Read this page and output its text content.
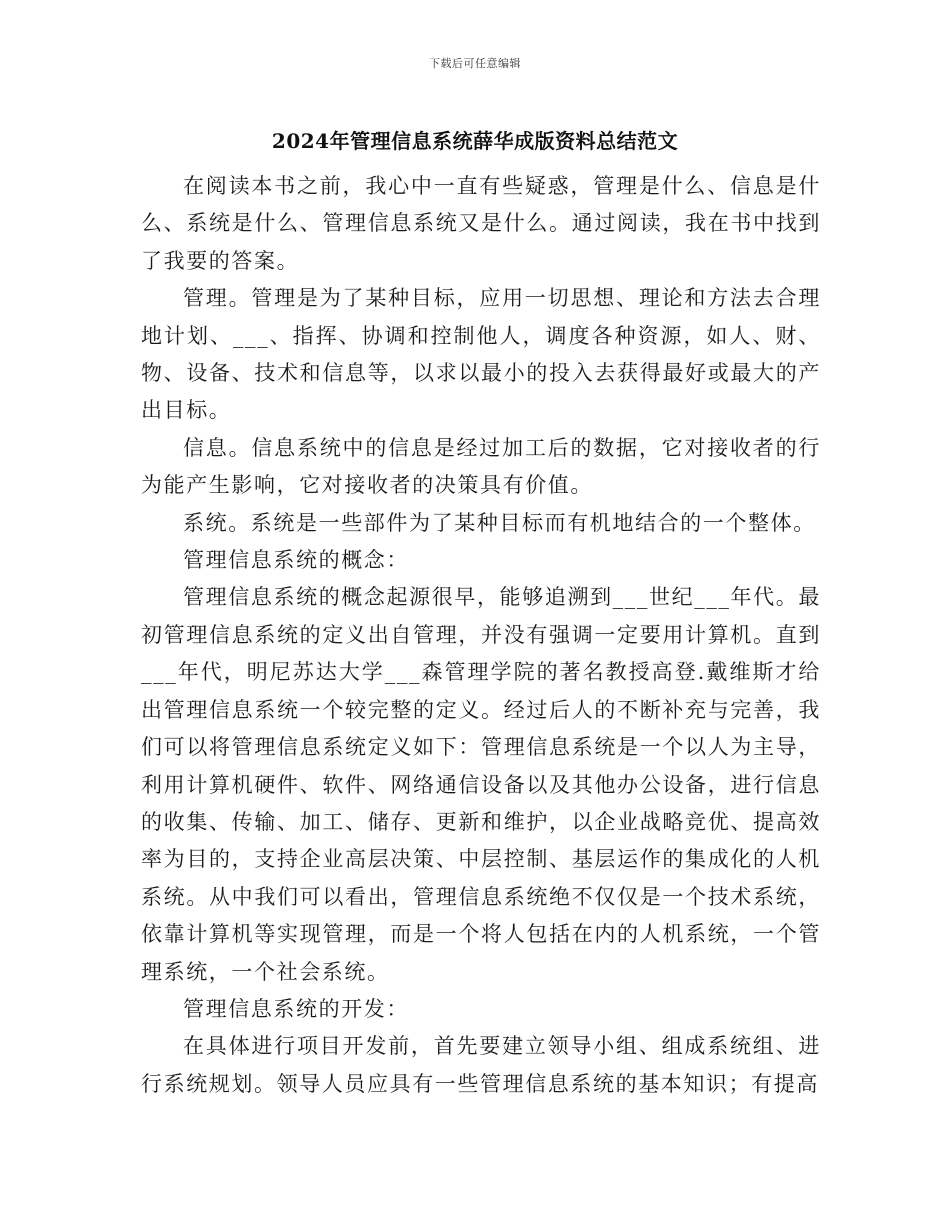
下载后可任意编辑
2024年管理信息系统薛华成版资料总结范文

在阅读本书之前，我心中一直有些疑惑，管理是什么、信息是什么、系统是什么、管理信息系统又是什么。通过阅读，我在书中找到了我要的答案。

管理。管理是为了某种目标，应用一切思想、理论和方法去合理地计划、___、指挥、协调和控制他人，调度各种资源，如人、财、物、设备、技术和信息等，以求以最小的投入去获得最好或最大的产出目标。

信息。信息系统中的信息是经过加工后的数据，它对接收者的行为能产生影响，它对接收者的决策具有价值。

系统。系统是一些部件为了某种目标而有机地结合的一个整体。

管理信息系统的概念：

管理信息系统的概念起源很早，能够追溯到___世纪___年代。最初管理信息系统的定义出自管理，并没有强调一定要用计算机。直到___年代，明尼苏达大学___森管理学院的著名教授高登.戴维斯才给出管理信息系统一个较完整的定义。经过后人的不断补充与完善，我们可以将管理信息系统定义如下：管理信息系统是一个以人为主导，利用计算机硬件、软件、网络通信设备以及其他办公设备，进行信息的收集、传输、加工、储存、更新和维护，以企业战略竞优、提高效率为目的，支持企业高层决策、中层控制、基层运作的集成化的人机系统。从中我们可以看出，管理信息系统绝不仅仅是一个技术系统，依靠计算机等实现管理，而是一个将人包括在内的人机系统，一个管理系统，一个社会系统。

管理信息系统的开发：

在具体进行项目开发前，首先要建立领导小组、组成系统组、进行系统规划。领导人员应具有一些管理信息系统的基本知识；有提高
